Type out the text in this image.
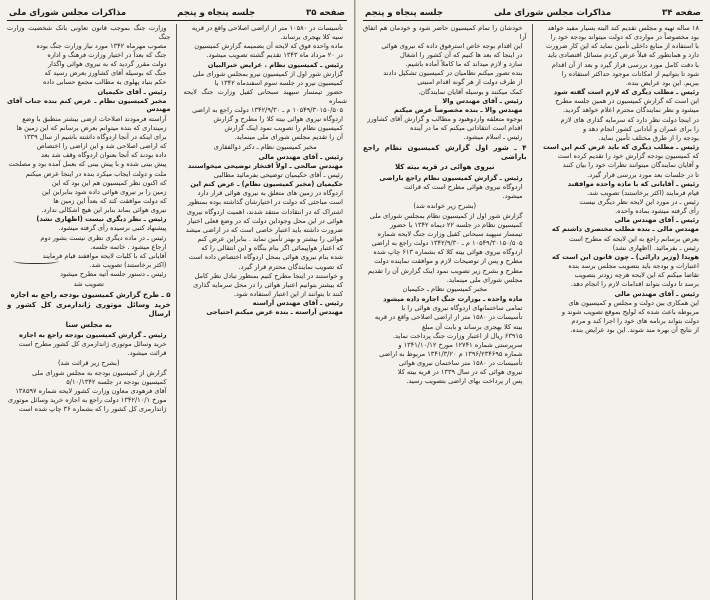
صفحه ۳۵
جلسه پنجاه و پنجم
مذاکرات مجلس شورای ملی
تأسیسات در ۱۰۵۸۰ متر از اراضی اصلاحی واقع در قریه
سیه کلا بهجری برساند.
ماده واحده فوق که لایحه آن بضمیمه گزارش کمیسیون
در ۲۰ مرداد ماه ۱۳۴۳ تقدیم گشته تصویب میشود.
رئیس ـ کمیسیون نظام . عرایض خبرالبیان
گزارش شور اول از کمیسیون نیرو بمجلس شورای ملی
کمیسیون نیرو در جلسه سوم اسفندماه ۱۳۴۲ با
حضور تیمسار سپهبد سبحانی کفیل وزارت جنگ لایحه شماره
۱۰۵۴۹/۳۰۱۵۰/۵۰۵ م ـ ۱۳۴۲/۹/۳۰ دولت راجع به اراضی
اردوگاه نیروی هوائی بیته کلا را مطرح و گزارش
کمیسیون نظام را تصویب نمود اینک گزارش
آن را تقدیم مجلس شورای ملی مینماید.
مخبر کمیسیون نظام ـ دکتر ذوالفقاری
رئیس ـ آقای مهندس مالی
مهندس صالحی ـ اولاً افتخار توضیحی میخواستند
رئیس ـ آقای حکیمیان توضیحی بفرمائید مطالبی
حکیمیان (مخبر کمیسیون نظام) ـ عرض کنم این
اردوگاه در زمین های متعلق به نیروی هوائی قرار دارد
است مباحثی که دولت در اختیارشان گذاشته بوده بمنظور
اشتراک که در انتقادات منتقد شدند، اهمیت اردوگاه نیروی
هوائی در این محل وجوداین دولت که در وضع فعلی اختیار
ضرورت داشته باید اعتبار خاصی است که در اراضی میشد
هوائی را بیشتر و بهتر تأمین نماید . بنابراین عرض کنم
که اعتبار هواپیمائی اگر بنام بنگاه و این انتقالی را که
شده بنام نیروی هوائی بمحل اردوگاه اختصاص داده است
که تصویب نمایندگان محترم قرار گیرد.
و خواستند در اینجا مطرح کنیم بمنظور تبادل نظر کامل
که بیشتر بتوانیم اعتبار هوائی را در محل سرمایه گذاری
کنند تا بتوانند از این اعتبار استفاده شود.
رئیس ـ آقای مهندس آراسته
مهندس آراسته ـ بنده عرض میکنم احتیاجی
وزارت جنگ بموجب قانون تعاونی بانک شخصیت وزارت جنگ
مصوب مهرماه ۱۳۴۲ مورد نیاز وزارت جنگ بوده
جنگ که بعداً در اختیار وزارت فرهنگ و اداره
دولت مقرر گردید که به نیروی هوائی واگذار
جنگ که بوسیله آقای کشاورز بعرض رسید که
حکم بنیاد پهلوی به مطالب مجمع حسابی داده
رئیس ـ آقای حکیمیان
مخبر کمیسیون نظام ـ عرض کنم بنده جناب آقای مهندس
آراسته فرمودند اصلاحات ارضی بیشتر منطبق با وضع
زمینداری که بنده میتوانم بعرض برسانم که این زمین ها
برای اینکه در آنجا اردوگاه داشته باشیم از سال ۱۳۳۹
که اراضی اصلاحی شد و این اراضی را اختصاص
داده بودند که آنجا بعنوان اردوگاه وقف شد بعد
پیش بینی شده و با پیش بینی که بعمل آمده بود و مصلحت
ملت و دولت ایجاب میکرد بنده در اینجا عرض میکنم
که اکنون نظر کمیسیون هم این بود که این
زمین را بر نیروی هوائی داده شود بنابراین این
که دولت موافقت کند که بعداً این زمین ها
نیروی هوائی بماند بنابر این هیچ اشکالی ندارد.
رئیس ـ نظر دیگری نیست (اظهاری نشد)
پیشنهاد کتبی نرسیده رأی گرفته میشود.
رئیس ـ در ماده دیگری نظری نیست بشور دوم
ارجاع میشود . خاتمه جلسه.
آقایانی که با کلیات لایحه موافقند قیام فرمایند
(اکثر برخاستند) تصویب شد.
رئیس ـ دستور جلسه آتیه مطرح میشود
تصویب شد
۵ ـ طرح گزارش کمیسیون بودجه راجع به اجازه
خرید وسائل موتوری ژاندارمری کل کشور و ارسال
به مجلس سنا
رئیس ـ گزارش کمیسیون بودجه راجع به اجازه
خرید وسائل موتوری ژاندارمری کل کشور مطرح است
قرائت میشود.
(بشرح زیر قرائت شد)
گزارش از کمیسیون بودجه به مجلس شورای ملی
کمیسیون بودجه در جلسه ۵/۱۰/۱۳۴۲
آقای فرهودی معاون وزارت کشور لایحه شماره ۱۳۸۵۹۷
مورخ ۱۳۴۲/۱۰/۱ دولت راجع به اجازه خرید وسائل موتوری
ژاندارمری کل کشور را که بشماره ۳۶ چاپ شده است
صفحه ۳۴
مذاکرات مجلس شورای ملی
جلسه پنجاه و پنجم
۱۸ ساله تهیه و مجلس تقدیم کند البته بسیار مفید خواهد
بود مخصوصاً در مواردی که دولت میتواند بودجه خود را
با استفاده از منابع داخلی تأمین نماید که این کار ضرورت
دارد و همانطور که قبلاً عرض کردم مسائل اقتصادی باید
با دقت کامل مورد بررسی قرار گیرد و بعد از آن اقدام
شود تا بتوانیم از امکانات موجود حداکثر استفاده را
ببریم. این بود عرایض بنده.
رئیس ـ مطلب دیگری که لازم است گفته شود
این است که گزارش کمیسیون در همین جلسه مطرح
میشود و نظر نمایندگان محترم اعلام خواهد گردید.
در اینجا دولت نظر دارد که سرمایه گذاری های لازم
را برای عمران و آبادانی کشور انجام دهد و
بودجه را از طرق مختلف تأمین نماید.
رئیس ـ مطلب دیگری که باید عرض کنم این است
که کمیسیون بودجه گزارش خود را تقدیم کرده است
و آقایان نمایندگان میتوانند نظرات خود را بیان کنند
تا در جلسات بعد مورد بررسی قرار گیرد.
رئیس ـ آقایانی که با ماده واحده موافقند
قیام فرمایند (اکثر برخاستند) تصویب شد.
رئیس ـ در مورد این لایحه نظر دیگری نیست
رأی گرفته میشود بماده واحده.
رئیس ـ آقای مهندس مالی
مهندس مالی ـ بنده مطلب مختصری داشتم که
بعرض برسانم راجع به این لایحه که مطرح است
رئیس ـ بفرمائید. (اظهاری نشد)
هویدا (وزیر دارائی) ـ چون قانون این است که
اعتبارات و بودجه باید بتصویب مجلس برسد بنده
تقاضا میکنم که این لایحه هرچه زودتر بتصویب
برسد تا دولت بتواند اقدامات لازم را انجام دهد.
رئیس ـ آقای مهندس مالی
این همکاری بین دولت و مجلس و کمیسیون های
مربوطه باعث شده که لوایح بموقع تصویب شوند و
دولت بتواند برنامه های خود را اجرا کند و مردم
از نتایج آن بهره مند شوند. این بود عرایض بنده.
خودشان را تمام کمیسیون حاضر شود و خودمان هم اتفاق آرا
این اقدام بوجه خاص استرفوق داده که نیروی هوائی
در اینجا که بعد ها کنیم که آن کشور را اشغال
سازد و لازم میداند که ما کاملاً آماده باشیم.
بنده تصور میکنم نظامیان در کمیسیون تشکیل دادند
از طرف دولت از هر گونه اقدام امنیتی
کمک میکنند و بوسیله آقایان نمایندگان.
رئیس ـ آقای مهندس والا
مهندس والا ـ بنده مخصوصاً عرض میکنم
بوجوه متعلقه واردوهبود و مطالب و گزارش آقای کشاورز
اقدام است انتقاداتی میکنم که ما در آینده
رئیس ـ اسلام میشود.
۴ ـ شور اول گزارش کمیسیون نظام راجع باراضی
نیروی هوائی در قریه بیته کلا
رئیس ـ گزارش کمیسیون نظام راجع باراضی
اردوگاه نیروی هوائی مطرح است که قرائت
میشود.
(بشرح زیر خوانده شد)
گزارش شور اول از کمیسیون نظام بمجلس شورای ملی
کمیسیون نظام در جلسه ۲۲ دیماه ۱۳۴۲ با حضور
تیمسار سپهبد سبحانی کفیل وزارت جنگ لایحه شماره
۱۰۵۴۹/۳۰۱۵۰/۵۰۵ م ـ ۱۳۴۲/۹/۳۰ دولت راجع به اراضی
اردوگاه نیروی هوائی بیته کلا که بشماره ۶۱۳ چاپ شده
مطرح و پس از توضیحات لازم و موافقت نماینده دولت
مطرح و بشرح زیر تصویب نمود اینک گزارش آن را تقدیم
مجلس شورای ملی مینماید.
مخبر کمیسیون نظام ـ حکیمیان
ماده واحده ـ بوزارت جنگ اجازه داده میشود
تمامی ساختمانهای اردوگاه نیروی هوائی را با
تأسیسات در ۱۵۸۰ متر از اراضی اصلاحی واقع در قریه
بیته کلا بهجری برساند و بابت آن مبلغ
۶۳۹۱۵ ریال از اعتبار وزارت جنگ پرداخت نماید.
سرپرستی شماره ۱۲۷۴۱ مورخ ۱۳۴۱/۱۰/۱۲ و
شماره ۱۳۹۶/۲۳۴۶۹۵ م ۱۳۴۱/۳/۲۰ مربوط به اراضی
تأسیسات در ۱۵۸۰ متر ساختمان نیروی هوائی
نیروی هوائی که در سال ۱۳۳۹ در قریه بیته کلا
پس از پرداخت بهای اراضی بتصویب رسید.
